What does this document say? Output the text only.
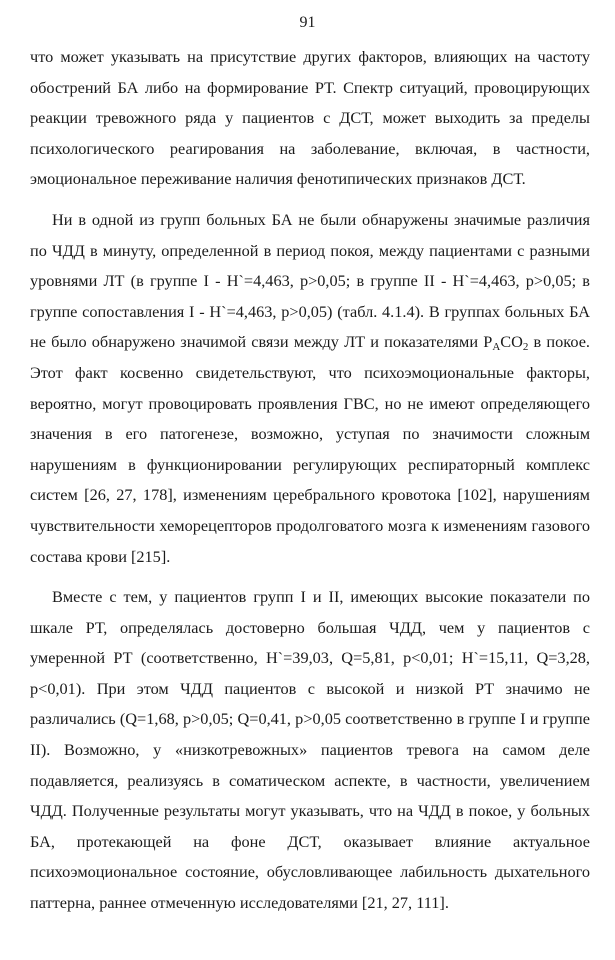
91

что может указывать на присутствие других факторов, влияющих на частоту обострений БА либо на формирование РТ. Спектр ситуаций, провоцирующих реакции тревожного ряда у пациентов с ДСТ, может выходить за пределы психологического реагирования на заболевание, включая, в частности, эмоциональное переживание наличия фенотипических признаков ДСТ.

Ни в одной из групп больных БА не были обнаружены значимые различия по ЧДД в минуту, определенной в период покоя, между пациентами с разными уровнями ЛТ (в группе I - H`=4,463, p>0,05; в группе II - H`=4,463, p>0,05; в группе сопоставления I - H`=4,463, p>0,05) (табл. 4.1.4). В группах больных БА не было обнаружено значимой связи между ЛТ и показателями $P_ACO_2$ в покое. Этот факт косвенно свидетельствуют, что психоэмоциональные факторы, вероятно, могут провоцировать проявления ГВС, но не имеют определяющего значения в его патогенезе, возможно, уступая по значимости сложным нарушениям в функционировании регулирующих респираторный комплекс систем [26, 27, 178], изменениям церебрального кровотока [102], нарушениям чувствительности хеморецепторов продолговатого мозга к изменениям газового состава крови [215].

Вместе с тем, у пациентов групп I и II, имеющих высокие показатели по шкале РТ, определялась достоверно большая ЧДД, чем у пациентов с умеренной РТ (соответственно, H`=39,03, Q=5,81, p<0,01; H`=15,11, Q=3,28, p<0,01). При этом ЧДД пациентов с высокой и низкой РТ значимо не различались (Q=1,68, p>0,05; Q=0,41, p>0,05 соответственно в группе I и группе II). Возможно, у «низкотревожных» пациентов тревога на самом деле подавляется, реализуясь в соматическом аспекте, в частности, увеличением ЧДД. Полученные результаты могут указывать, что на ЧДД в покое, у больных БА, протекающей на фоне ДСТ, оказывает влияние актуальное психоэмоциональное состояние, обусловливающее лабильность дыхательного паттерна, раннее отмеченную исследователями [21, 27, 111].
